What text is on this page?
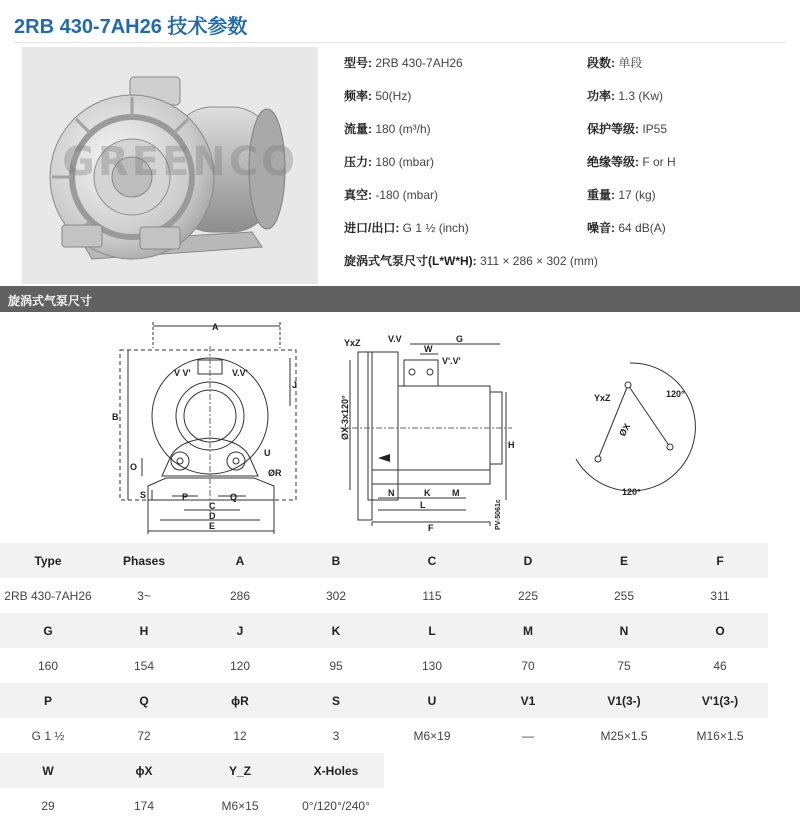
2RB 430-7AH26 技术参数
GREENCO
型号: 2RB 430-7AH26
频率: 50(Hz)
流量: 180 (m³/h)
压力: 180 (mbar)
真空: -180 (mbar)
进口/出口: G 1 ½ (inch)
段数: 单段
功率: 1.3 (Kw)
保护等级: IP55
绝缘等级: F or H
重量: 17 (kg)
噪音: 64 dB(A)
旋涡式气泵尺寸(L*W*H): 311 × 286 × 302 (mm)
旋涡式气泵尺寸
A
B
J
V V'	V.V'
U
ØR
O
S	P	Q
C
D
E
YxZ	V.V
W
G
V'.V'
ØX-3x120°
H
K M
L
N
F	PV-5061c
YxZ	120°
ØX
120°
Type	Phases	A	B	C	D	E	F
2RB 430-7AH26	3~	286	302	115	225	255	311
G	H	J	K	L	M	N	O
160	154	120	95	130	70	75	46
P	Q	ϕR	S	U	V1	V1(3-)	V'1(3-)
G 1 ½	72	12	3	M6×19	—	M25×1.5	M16×1.5
W	ϕX	Y_Z	X-Holes				
29	174	M6×15	0°/120°/240°				
